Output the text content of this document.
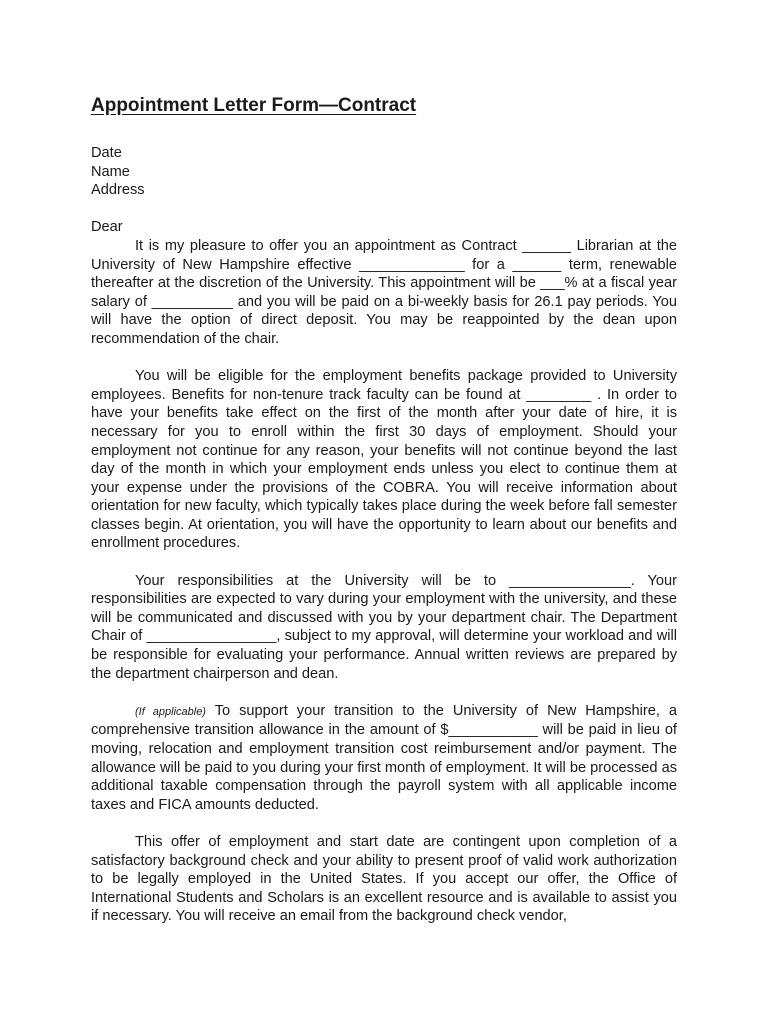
Appointment Letter Form—Contract
Date
Name
Address
Dear

It is my pleasure to offer you an appointment as Contract ______ Librarian at the University of New Hampshire effective _____________ for a ______ term, renewable thereafter at the discretion of the University. This appointment will be ___% at a fiscal year salary of __________ and you will be paid on a bi-weekly basis for 26.1 pay periods. You will have the option of direct deposit. You may be reappointed by the dean upon recommendation of the chair.

You will be eligible for the employment benefits package provided to University employees. Benefits for non-tenure track faculty can be found at ________ . In order to have your benefits take effect on the first of the month after your date of hire, it is necessary for you to enroll within the first 30 days of employment. Should your employment not continue for any reason, your benefits will not continue beyond the last day of the month in which your employment ends unless you elect to continue them at your expense under the provisions of the COBRA. You will receive information about orientation for new faculty, which typically takes place during the week before fall semester classes begin. At orientation, you will have the opportunity to learn about our benefits and enrollment procedures.

Your responsibilities at the University will be to _______________. Your responsibilities are expected to vary during your employment with the university, and these will be communicated and discussed with you by your department chair. The Department Chair of ________________, subject to my approval, will determine your workload and will be responsible for evaluating your performance. Annual written reviews are prepared by the department chairperson and dean.

(If applicable) To support your transition to the University of New Hampshire, a comprehensive transition allowance in the amount of $___________ will be paid in lieu of moving, relocation and employment transition cost reimbursement and/or payment. The allowance will be paid to you during your first month of employment. It will be processed as additional taxable compensation through the payroll system with all applicable income taxes and FICA amounts deducted.

This offer of employment and start date are contingent upon completion of a satisfactory background check and your ability to present proof of valid work authorization to be legally employed in the United States. If you accept our offer, the Office of International Students and Scholars is an excellent resource and is available to assist you if necessary. You will receive an email from the background check vendor,
